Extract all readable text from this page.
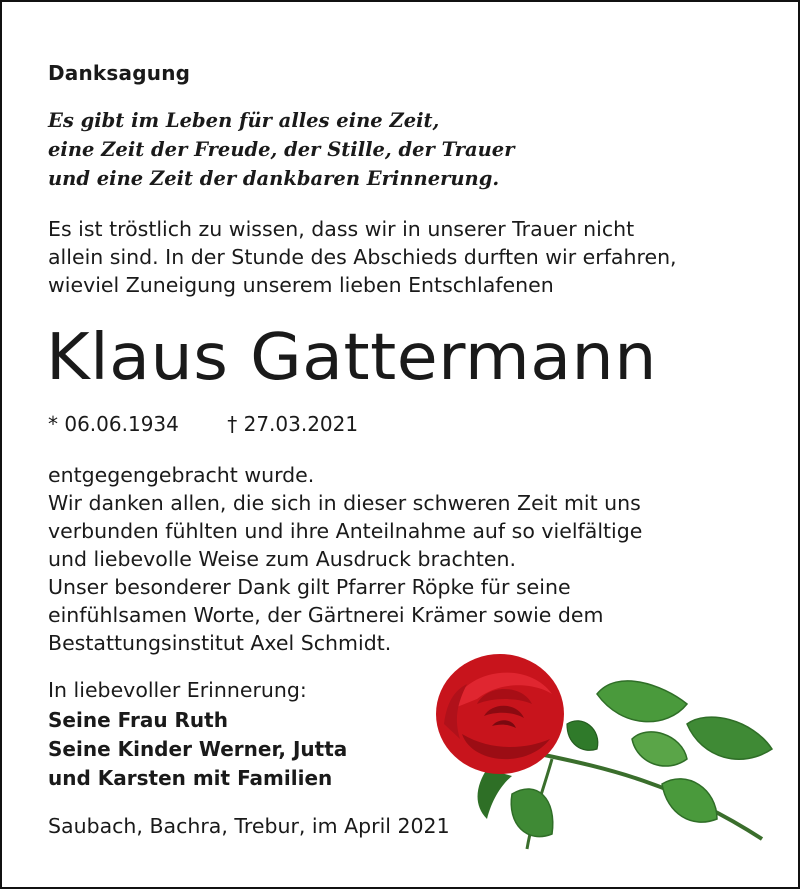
Danksagung
Es gibt im Leben für alles eine Zeit,
eine Zeit der Freude, der Stille, der Trauer
und eine Zeit der dankbaren Erinnerung.
Es ist tröstlich zu wissen, dass wir in unserer Trauer nicht
allein sind. In der Stunde des Abschieds durften wir erfahren,
wieviel Zuneigung unserem lieben Entschlafenen
Klaus Gattermann
* 06.06.1934 † 27.03.2021
entgegengebracht wurde.
Wir danken allen, die sich in dieser schweren Zeit mit uns
verbunden fühlten und ihre Anteilnahme auf so vielfältige
und liebevolle Weise zum Ausdruck brachten.
Unser besonderer Dank gilt Pfarrer Röpke für seine
einfühlsamen Worte, der Gärtnerei Krämer sowie dem
Bestattungsinstitut Axel Schmidt.
In liebevoller Erinnerung:
Seine Frau Ruth
Seine Kinder Werner, Jutta
und Karsten mit Familien
Saubach, Bachra, Trebur, im April 2021
